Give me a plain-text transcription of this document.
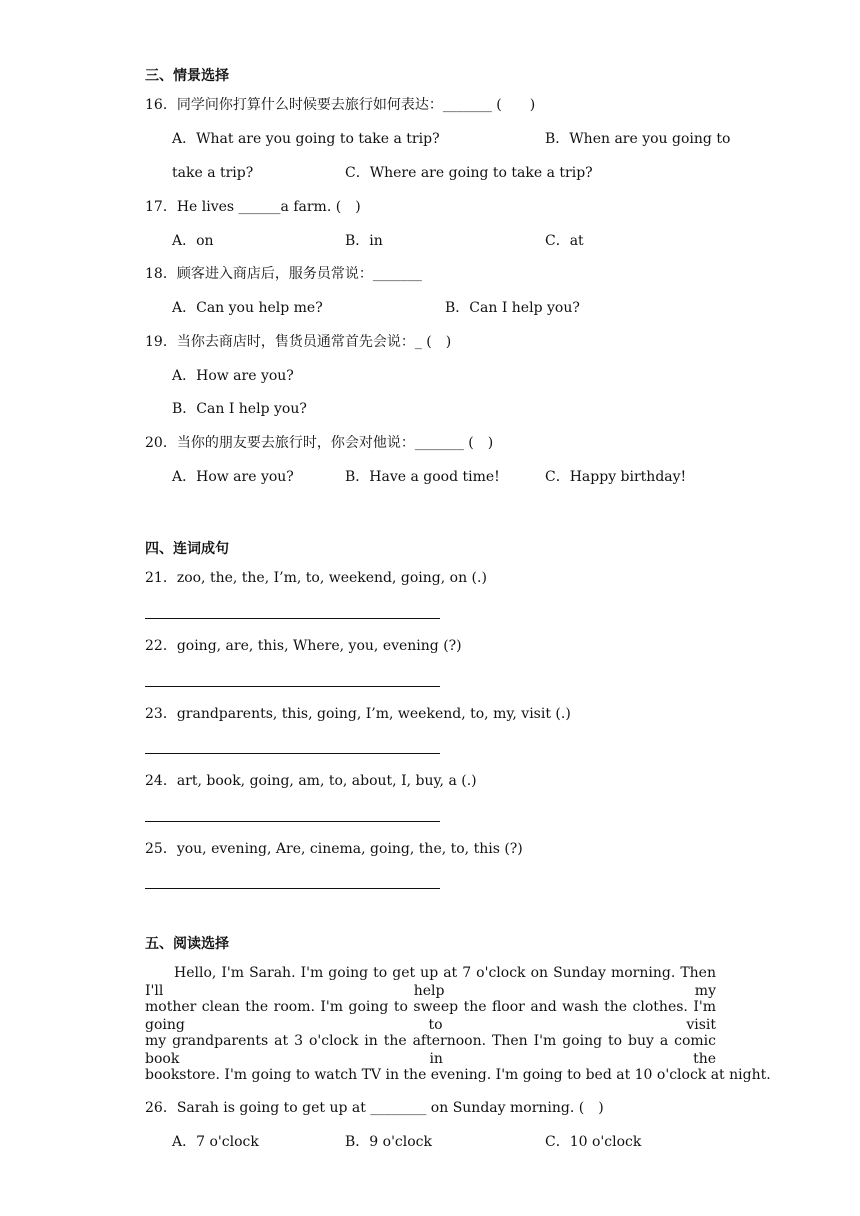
三、情景选择
16．同学问你打算什么时候要去旅行如何表达：_______ (　　)
A．What are you going to take a trip?	B．When are you going to
take a trip?	C．Where are going to take a trip?
17．He lives ______a farm. (　)
A．on	B．in	C．at
18．顾客进入商店后，服务员常说：_______
A．Can you help me?	B．Can I help you?
19．当你去商店时，售货员通常首先会说：_ (　)
A．How are you?
B．Can I help you?
20．当你的朋友要去旅行时，你会对他说：_______ (　)
A．How are you?	B．Have a good time!	C．Happy birthday!
四、连词成句
21．zoo, the, the, I’m, to, weekend, going, on (.)
22．going, are, this, Where, you, evening (?)
23．grandparents, this, going, I’m, weekend, to, my, visit (.)
24．art, book, going, am, to, about, I, buy, a (.)
25．you, evening, Are, cinema, going, the, to, this (?)
五、阅读选择
Hello, I'm Sarah. I'm going to get up at 7 o'clock on Sunday morning. Then I'll help my
mother clean the room. I'm going to sweep the floor and wash the clothes. I'm going to visit
my grandparents at 3 o'clock in the afternoon. Then I'm going to buy a comic book in the
bookstore. I'm going to watch TV in the evening. I'm going to bed at 10 o'clock at night.
26．Sarah is going to get up at ________ on Sunday morning. (　)
A．7 o'clock	B．9 o'clock	C．10 o'clock
